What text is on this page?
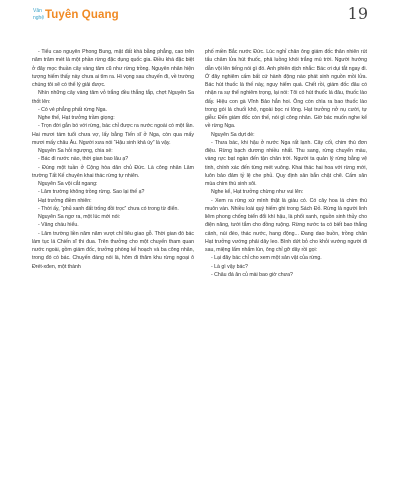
Văn
nghệ Tuyên Quang	19

- Tiểu cao nguyên Phong Bung, mặt đất khá bằng phẳng, cao trên năm trăm mét là một phần rừng đặc dụng quốc gia. Điều khá đặc biệt ở đây mọc thuần cây vàng tâm cũ như rừng trồng. Nguyên nhân hiện tượng hiếm thấy này chưa ai tìm ra. Hi vọng sau chuyến đi, về trường chúng tôi sẽ có thể lý giải được.

Nhìn những cây vàng tâm vỏ trắng đều thẳng tắp, chợt Nguyên Sa thốt lên:

- Có vẻ phẳng phất rừng Nga.

Nghe thế, Hạt trưởng trầm giọng:

- Trọn đời gắn bó với rừng, bác chỉ được ra nước ngoài có một lần. Hai mươi tám tuổi chưa vợ, lấy bằng Tiến sĩ ở Nga, còn qua mấy mươi mấy châu Âu. Người xưa nói “Hậu sinh khả úy” là vậy.

Nguyên Sa hỏi ngượng, chia sẻ:

- Bác đi nước nào, thời gian bao lâu ạ?

- Đúng một tuần ở Cộng hòa dân chủ Đức. Là công nhân Lâm trường Tất Kế chuyên khai thác rừng tự nhiên.

Nguyên Sa vội cắt ngang:

- Lâm trường không trồng rừng. Sao lại thế ạ?

Hạt trưởng điềm nhiên:

- Thời ấy, “phủ xanh đất trống đồi trọc” chưa có trong từ điển.

Nguyên Sa ngơ ra, một lúc mới nói:

- Vâng cháu hiểu.

- Lâm trường liền năm năm vượt chỉ tiêu giao gỗ. Thời gian đó bác làm tục lá Chiến sĩ thi đua. Trên thưởng cho một chuyến tham quan nước ngoài, gồm giám đốc, trưởng phòng kế hoạch và ba công nhân, trong đó có bác. Chuyến đáng nói là, hôm đi thăm khu rừng ngoại ô Ðrét-xđen, một thành

phố miền Bắc nước Đức. Lúc nghỉ chân ông giám đốc thân nhiên rút tẩu châm lửa hút thuốc, phả luồng khói trắng mù trời. Người hướng dẫn vội lên tiếng nói gì đó. Anh phiên dịch nhắc: Bác ơi dụi tắt ngay đi. Ở đây nghiêm cấm bất cứ hành động nào phát sinh nguồn mồi lửa. Bác hút thuốc là thế này, nguy hiểm quá. Chết rồi, giám đốc đâu có nhận ra sự thể nghiêm trọng, lại nói: Tôi có hút thuốc lá đâu, thuốc lào đấy. Hiệu con gà Vĩnh Bảo hẳn hoi. Ông còn chìa ra bao thuốc lào trong gói lá chuối khô, ngoài bọc ni lông. Hạt trưởng nở nụ cười, tự giễu: Đến giám đốc còn thế, nói gì công nhân. Giờ bác muốn nghe kể về rừng Nga.

Nguyên Sa dựt dè:

- Thưa bác, khi hậu ở nước Nga rất lạnh. Cây cối, chim thú đơn điệu. Rừng bạch dương nhiều nhất. Thu sang, rừng chuyển màu, vàng rực bạt ngàn đến tận chân trời. Người ta quản lý rừng bằng vệ tinh, chính xác đến từng mét vuông. Khai thác hai hoa với rừng mới, luôn bảo đảm tỷ lệ che phủ. Quy định sản bắn chặt chẽ. Cấm săn mùa chim thú sinh sôi.

Nghe kể, Hạt trưởng chừng như vui lên:

- Xem ra rừng xứ mình thật là giàu có. Có cây hoa lá chim thú muôn vàn. Nhiều loài quý hiếm ghi trong Sách Đỏ. Rừng là người linh liêm phong chống biển đổi khí hậu, là phổi xanh, nguồn sinh thủy cho điện năng, tưới tắm cho đồng ruộng. Rừng nước ta có biết bao thắng cảnh, núi đèo, thác nước, hang động... Đang dao buồn, trồng chân Hạt trưởng vướng phải dây leo. Bình dứt bỏ cho khỏi vướng người đi sau, miệng lẩm nhẩm lùn, ông chỉ gỡ dây rồi gọi:

- Lại đây bác chỉ cho xem một sản vật của rừng.

- Là gì vậy bác?

- Châu đá ăn củ mài bao giờ chưa?
